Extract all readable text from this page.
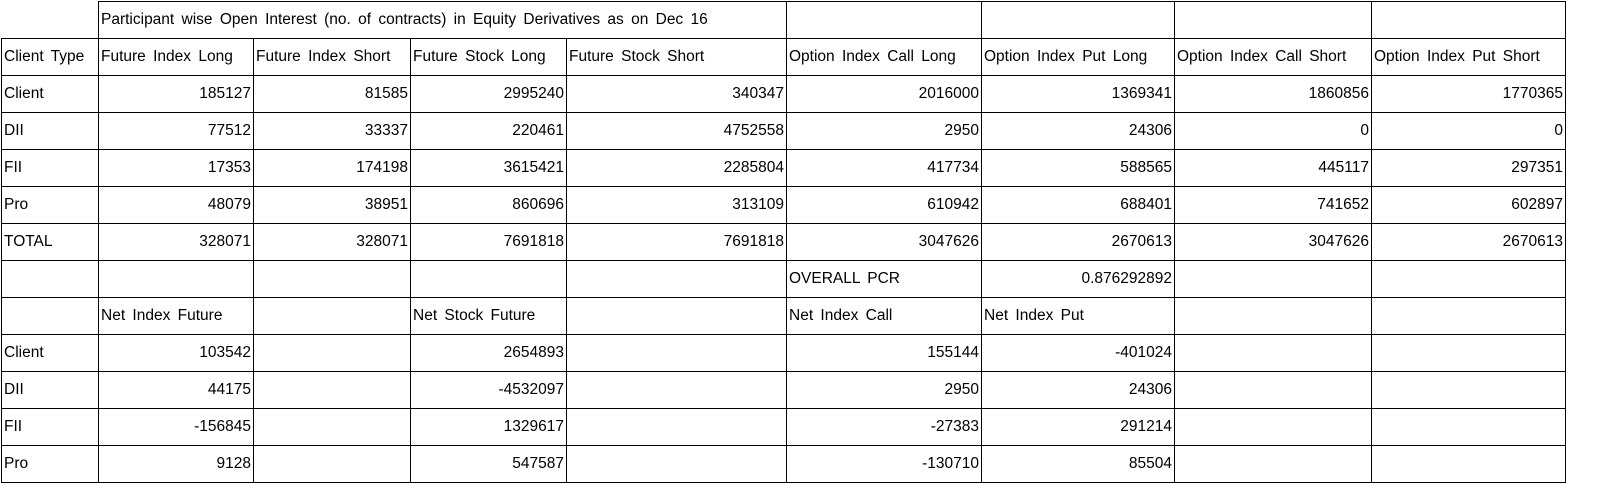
	Participant wise Open Interest (no. of contracts) in Equity Derivatives as on Dec 16							
Client Type	Future Index Long	Future Index Short	Future Stock Long	Future Stock Short	Option Index Call Long	Option Index Put Long	Option Index Call Short	Option Index Put Short
Client	185127	81585	2995240	340347	2016000	1369341	1860856	1770365
DII	77512	33337	220461	4752558	2950	24306	0	0
FII	17353	174198	3615421	2285804	417734	588565	445117	297351
Pro	48079	38951	860696	313109	610942	688401	741652	602897
TOTAL	328071	328071	7691818	7691818	3047626	2670613	3047626	2670613
					OVERALL PCR	0.876292892		
	Net Index Future		Net Stock Future		Net Index Call	Net Index Put		
Client	103542		2654893		155144	-401024		
DII	44175		-4532097		2950	24306		
FII	-156845		1329617		-27383	291214		
Pro	9128		547587		-130710	85504		
